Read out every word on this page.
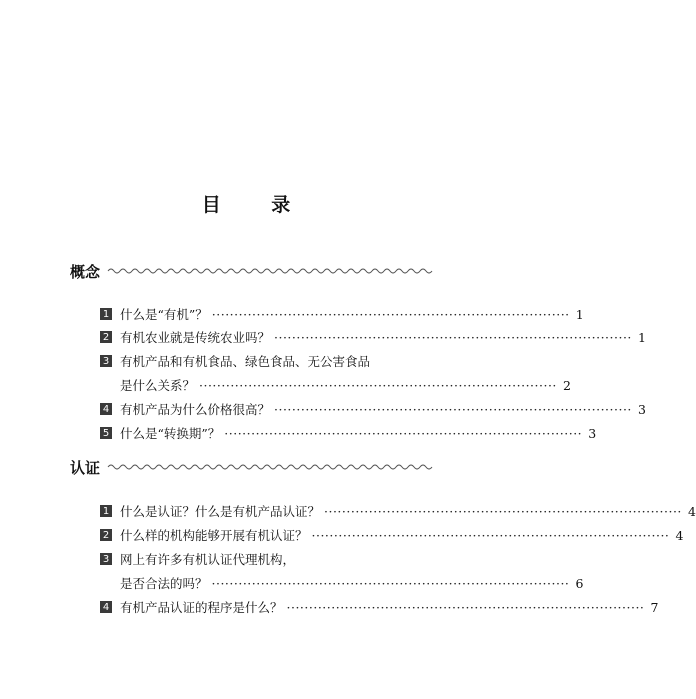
目 录
概念
1 什么是“有机”？ ················································································ 1
2 有机农业就是传统农业吗？ ················································································ 1
3 有机产品和有机食品、绿色食品、无公害食品
是什么关系？ ················································································ 2
4 有机产品为什么价格很高？ ················································································ 3
5 什么是“转换期”？ ················································································ 3
认证
1 什么是认证？什么是有机产品认证？ ················································································ 4
2 什么样的机构能够开展有机认证？ ················································································ 4
3 网上有许多有机认证代理机构，
是否合法的吗？ ················································································ 6
4 有机产品认证的程序是什么？ ················································································ 7
